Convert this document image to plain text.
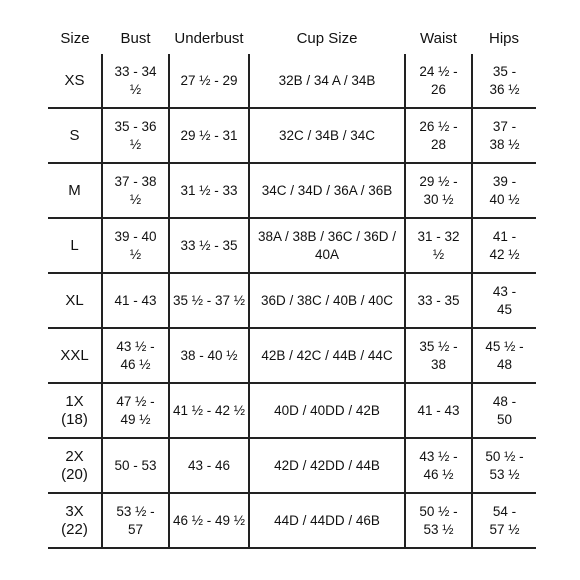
Size	Bust	Underbust	Cup Size	Waist	Hips
XS	33 - 34 ½	27 ½ - 29	32B / 34 A / 34B	24 ½ - 26	35 - 36 ½
S	35 - 36 ½	29 ½ - 31	32C / 34B / 34C	26 ½ - 28	37 - 38 ½
M	37 - 38 ½	31 ½ - 33	34C / 34D / 36A / 36B	29 ½ - 30 ½	39 - 40 ½
L	39 - 40 ½	33 ½ - 35	38A / 38B / 36C / 36D / 40A	31 - 32 ½	41 - 42 ½
XL	41 - 43	35 ½ - 37 ½	36D / 38C / 40B / 40C	33 - 35	43 - 45
XXL	43 ½ - 46 ½	38 - 40 ½	42B / 42C / 44B / 44C	35 ½ - 38	45 ½ - 48
1X (18)	47 ½ - 49 ½	41 ½ - 42 ½	40D / 40DD / 42B	41 - 43	48 - 50
2X (20)	50 - 53	43 - 46	42D / 42DD / 44B	43 ½ - 46 ½	50 ½ - 53 ½
3X (22)	53 ½ - 57	46 ½ - 49 ½	44D / 44DD / 46B	50 ½ - 53 ½	54 - 57 ½
